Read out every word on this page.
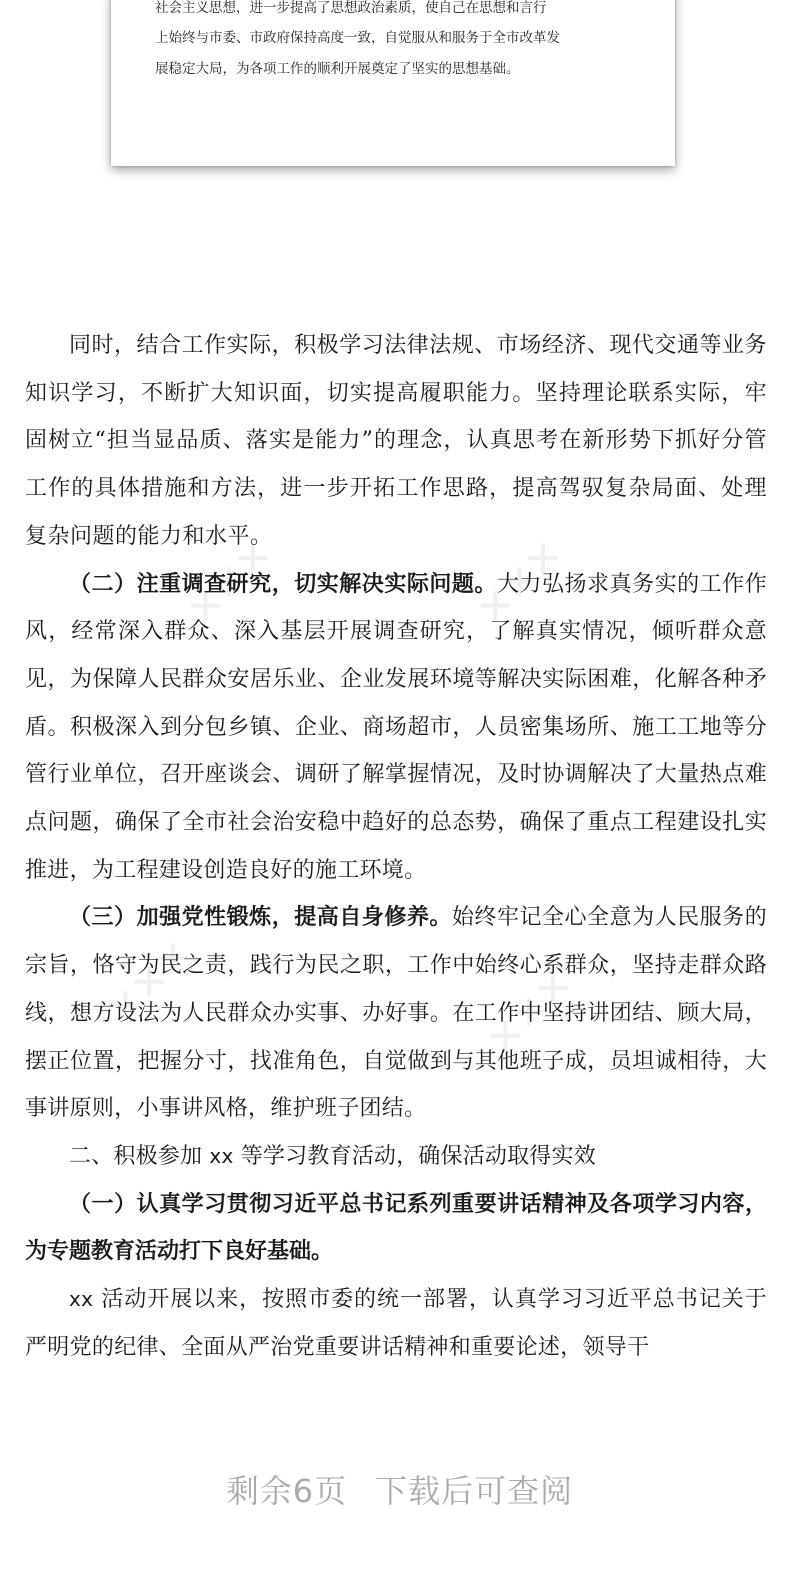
社会主义思想，进一步提高了思想政治素质，使自己在思想和言行
上始终与市委、市政府保持高度一致，自觉服从和服务于全市改革发
展稳定大局，为各项工作的顺利开展奠定了坚实的思想基础。
✕✕✕	✕✕✕
✕✕✕	✕✕✕

同时，结合工作实际，积极学习法律法规、市场经济、现代交通等业务知识学习，不断扩大知识面，切实提高履职能力。坚持理论联系实际，牢固树立“担当显品质、落实是能力”的理念，认真思考在新形势下抓好分管工作的具体措施和方法，进一步开拓工作思路，提高驾驭复杂局面、处理复杂问题的能力和水平。

（二）注重调查研究，切实解决实际问题。大力弘扬求真务实的工作作风，经常深入群众、深入基层开展调查研究，了解真实情况，倾听群众意见，为保障人民群众安居乐业、企业发展环境等解决实际困难，化解各种矛盾。积极深入到分包乡镇、企业、商场超市，人员密集场所、施工工地等分管行业单位，召开座谈会、调研了解掌握情况，及时协调解决了大量热点难点问题，确保了全市社会治安稳中趋好的总态势，确保了重点工程建设扎实推进，为工程建设创造良好的施工环境。

（三）加强党性锻炼，提高自身修养。始终牢记全心全意为人民服务的宗旨，恪守为民之责，践行为民之职，工作中始终心系群众，坚持走群众路线，想方设法为人民群众办实事、办好事。在工作中坚持讲团结、顾大局，摆正位置，把握分寸，找准角色，自觉做到与其他班子成，员坦诚相待，大事讲原则，小事讲风格，维护班子团结。

二、积极参加 xx 等学习教育活动，确保活动取得实效

（一）认真学习贯彻习近平总书记系列重要讲话精神及各项学习内容，为专题教育活动打下良好基础。

xx 活动开展以来，按照市委的统一部署，认真学习习近平总书记关于严明党的纪律、全面从严治党重要讲话精神和重要论述，领导干

剩余6页 下载后可查阅
